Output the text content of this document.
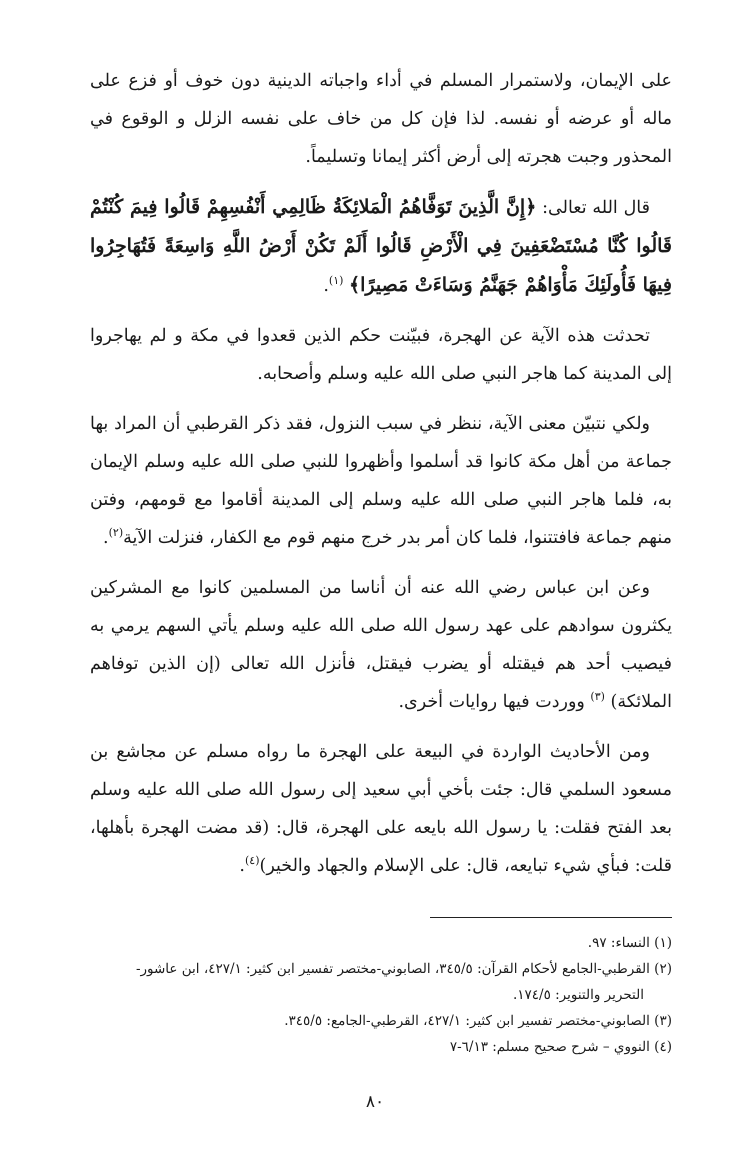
على الإيمان، ولاستمرار المسلم في أداء واجباته الدينية دون خوف أو فزع على ماله أو عرضه أو نفسه. لذا فإن كل من خاف على نفسه الزلل و الوقوع في المحذور وجبت هجرته إلى أرض أكثر إيمانا وتسليماً.

قال الله تعالى: ﴿إِنَّ الَّذِينَ تَوَفَّاهُمُ الْمَلائِكَةُ ظَالِمِي أَنْفُسِهِمْ قَالُوا فِيمَ كُنْتُمْ قَالُوا كُنَّا مُسْتَضْعَفِينَ فِي الْأَرْضِ قَالُوا أَلَمْ تَكُنْ أَرْضُ اللَّهِ وَاسِعَةً فَتُهَاجِرُوا فِيهَا فَأُولَئِكَ مَأْوَاهُمْ جَهَنَّمُ وَسَاءَتْ مَصِيرًا﴾ $^{(١)}$.

تحدثت هذه الآية عن الهجرة، فبيّنت حكم الذين قعدوا في مكة و لم يهاجروا إلى المدينة كما هاجر النبي صلى الله عليه وسلم وأصحابه.

ولكي نتبيّن معنى الآية، ننظر في سبب النزول، فقد ذكر القرطبي أن المراد بها جماعة من أهل مكة كانوا قد أسلموا وأظهروا للنبي صلى الله عليه وسلم الإيمان به، فلما هاجر النبي صلى الله عليه وسلم إلى المدينة أقاموا مع قومهم، وفتن منهم جماعة فافتتنوا، فلما كان أمر بدر خرج منهم قوم مع الكفار، فنزلت الآية$^{(٢)}$.

وعن ابن عباس رضي الله عنه أن أناسا من المسلمين كانوا مع المشركين يكثرون سوادهم على عهد رسول الله صلى الله عليه وسلم يأتي السهم يرمي به فيصيب أحد هم فيقتله أو يضرب فيقتل، فأنزل الله تعالى (إن الذين توفاهم الملائكة) $^{(٣)}$ ووردت فيها روايات أخرى.

ومن الأحاديث الواردة في البيعة على الهجرة ما رواه مسلم عن مجاشع بن مسعود السلمي قال: جئت بأخي أبي سعيد إلى رسول الله صلى الله عليه وسلم بعد الفتح فقلت: يا رسول الله بايعه على الهجرة، قال: (قد مضت الهجرة بأهلها، قلت: فبأي شيء تبايعه، قال: على الإسلام والجهاد والخير)$^{(٤)}$.

(١) النساء: ٩٧.

(٢) القرطبي-الجامع لأحكام القرآن: ٣٤٥/٥، الصابوني-مختصر تفسير ابن كثير: ٤٢٧/١، ابن عاشور-

التحرير والتنوير: ١٧٤/٥.

(٣) الصابوني-مختصر تفسير ابن كثير: ٤٢٧/١، القرطبي-الجامع: ٣٤٥/٥.

(٤) النووي – شرح صحيح مسلم: ٦/١٣-٧

٨٠
